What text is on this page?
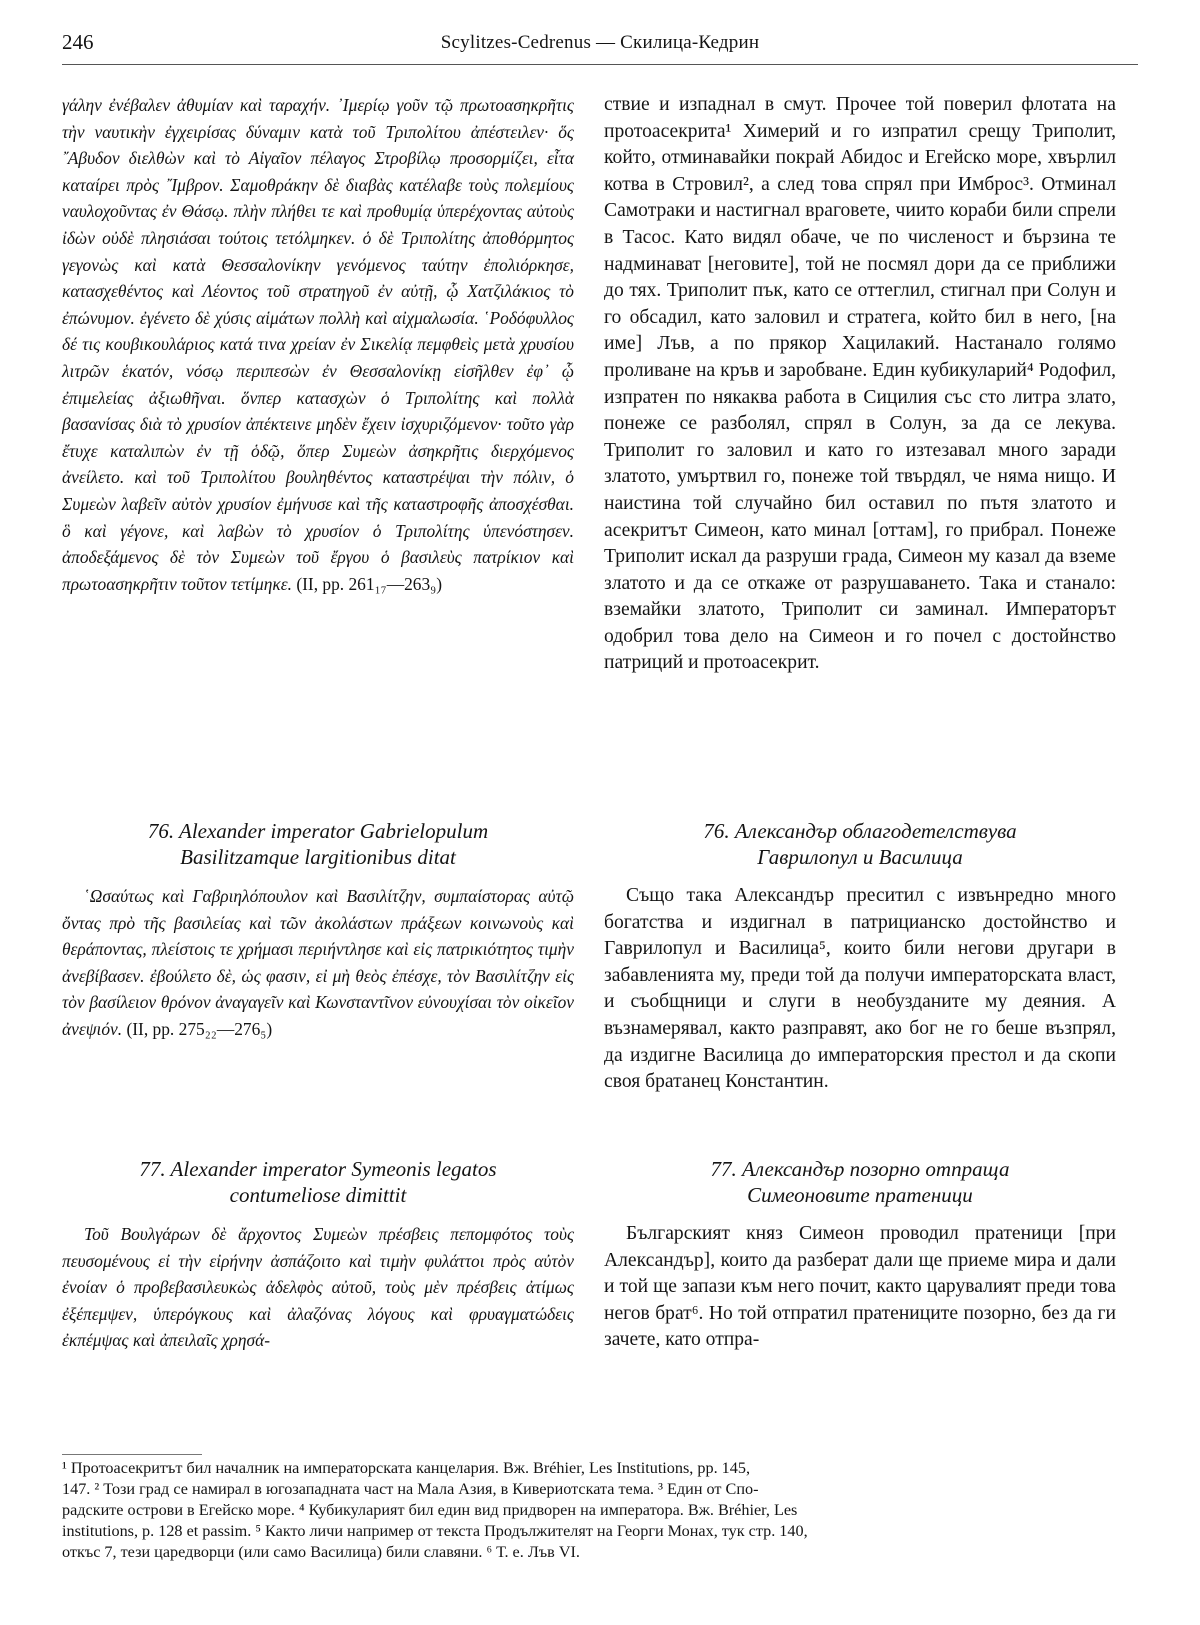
246	Scylitzes-Cedrenus — Скилица-Кедрин

γάλην ἐνέβαλεν ἀθυμίαν καὶ ταραχήν. ᾿Ιμερίῳ γοῦν τῷ πρωτοασηκρῆτις τὴν ναυτικὴν ἐγχειρίσας δύναμιν κατὰ τοῦ Τριπολίτου ἀπέστειλεν· ὅς ῎Αβυδον διελθὼν καὶ τὸ Αἰγαῖον πέλαγος Στροβίλῳ προσορμίζει, εἶτα καταίρει πρὸς ῎Ιμβρον. Σαμοθράκην δὲ διαβὰς κατέλαβε τοὺς πολεμίους ναυλοχοῦντας ἐν Θάσῳ. πλὴν πλήθει τε καὶ προθυμίᾳ ὑπερέχοντας αὐτοὺς ἰδὼν οὐδὲ πλησιάσαι τούτοις τετόλμηκεν. ὁ δὲ Τριπολίτης ἀποθόρμητος γεγονὼς καὶ κατὰ Θεσσαλονίκην γενόμενος ταύτην ἐπολιόρκησε, κατασχεθέντος καὶ Λέοντος τοῦ στρατηγοῦ ἐν αὐτῇ, ᾧ Χατζιλάκιος τὸ ἐπώνυμον. ἐγένετο δὲ χύσις αἱμάτων πολλὴ καὶ αἰχμαλωσία. ῾Ροδόφυλλος δέ τις κουβικουλάριος κατά τινα χρείαν ἐν Σικελίᾳ πεμφθεὶς μετὰ χρυσίου λιτρῶν ἑκατόν, νόσῳ περιπεσὼν ἐν Θεσσαλονίκῃ εἰσῆλθεν ἐφ᾽ ᾧ ἐπιμελείας ἀξιωθῆναι. ὅνπερ κατασχὼν ὁ Τριπολίτης καὶ πολλὰ βασανίσας διὰ τὸ χρυσίον ἀπέκτεινε μηδὲν ἔχειν ἰσχυριζόμενον· τοῦτο γὰρ ἔτυχε καταλιπὼν ἐν τῇ ὁδῷ, ὅπερ Συμεὼν ἀσηκρῆτις διερχόμενος ἀνείλετο. καὶ τοῦ Τριπολίτου βουληθέντος καταστρέψαι τὴν πόλιν, ὁ Συμεὼν λαβεῖν αὐτὸν χρυσίον ἐμήνυσε καὶ τῆς καταστροφῆς ἀποσχέσθαι. ὃ καὶ γέγονε, καὶ λαβὼν τὸ χρυσίον ὁ Τριπολίτης ὑπενόστησεν. ἀποδεξάμενος δὲ τὸν Συμεὼν τοῦ ἔργου ὁ βασιλεὺς πατρίκιον καὶ πρωτοασηκρῆτιν τοῦτον τετίμηκε. (II, pp. 261₁₇—263₉)

ствие и изпаднал в смут. Прочее той поверил флотата на протоасекрита¹ Химерий и го изпратил срещу Триполит, който, отминавайки покрай Абидос и Егейско море, хвърлил котва в Стровил², а след това спрял при Имброс³. Отминал Самотраки и настигнал враговете, чиито кораби били спрели в Тасос. Като видял обаче, че по численост и бързина те надминават [неговите], той не посмял дори да се приближи до тях. Триполит пък, като се оттеглил, стигнал при Солун и го обсадил, като заловил и стратега, който бил в него, [на име] Лъв, а по прякор Хацилакий. Настанало голямо проливане на кръв и заробване. Един кубикуларий⁴ Родофил, изпратен по някаква работа в Сицилия със сто литра злато, понеже се разболял, спрял в Солун, за да се лекува. Триполит го заловил и като го изтезавал много заради златото, умъртвил го, понеже той твърдял, че няма нищо. И наистина той случайно бил оставил по пътя златото и асекритът Симеон, като минал [оттам], го прибрал. Понеже Триполит искал да разруши града, Симеон му казал да вземе златото и да се откаже от разрушаването. Така и станало: вземайки златото, Триполит си заминал. Императорът одобрил това дело на Симеон и го почел с достойнство патриций и протоасекрит.

76. Alexander imperator Gabrielopulum
Basilitzamque largitionibus ditat

76. Александър облагодетелствува
Гаврилопул и Василица

῾Ωσαύτως καὶ Γαβριηλόπουλον καὶ Βασιλίτζην, συμπαίστορας αὐτῷ ὄντας πρὸ τῆς βασιλείας καὶ τῶν ἀκολάστων πράξεων κοινωνοὺς καὶ θεράποντας, πλείστοις τε χρήμασι περιήντλησε καὶ εἰς πατρικιότητος τιμὴν ἀνεβίβασεν. ἐβούλετο δὲ, ὡς φασιν, εἰ μὴ θεὸς ἐπέσχε, τὸν Βασιλίτζην εἰς τὸν βασίλειον θρόνον ἀναγαγεῖν καὶ Κωνσταντῖνον εὐνουχίσαι τὸν οἰκεῖον ἀνεψιόν. (II, pp. 275₂₂—276₅)

Също така Александър преситил с извънредно много богатства и издигнал в патрицианско достойнство и Гаврилопул и Василица⁵, които били негови другари в забавленията му, преди той да получи императорската власт, и съобщници и слуги в необузданите му деяния. А възнамерявал, както разправят, ако бог не го беше възпрял, да издигне Василица до императорския престол и да скопи своя братанец Константин.

77. Alexander imperator Symeonis legatos
contumeliose dimittit

77. Александър позорно отпраща
Симеоновите пратеници

Τοῦ Βουλγάρων δὲ ἄρχοντος Συμεὼν πρέσβεις πεπομφότος τοὺς πευσομένους εἰ τὴν εἰρήνην ἀσπάζοιτο καὶ τιμὴν φυλάττοι πρὸς αὐτὸν ἐνοίαν ὁ προβεβασιλευκὼς ἀδελφὸς αὐτοῦ, τοὺς μὲν πρέσβεις ἀτίμως ἐξέπεμψεν, ὑπερόγκους καὶ ἀλαζόνας λόγους καὶ φρυαγματώδεις ἐκπέμψας καὶ ἀπειλαῖς χρησά-

Българският княз Симеон проводил пратеници [при Александър], които да разберат дали ще приеме мира и дали и той ще запази към него почит, както царувалият преди това негов брат⁶. Но той отпратил пратениците позорно, без да ги зачете, като отпра-

¹ Протоасекритът бил началник на императорската канцелария. Вж. Bréhier, Les Institutions, pp. 145,
147. ² Този град се намирал в югозападната част на Мала Азия, в Кивериотската тема. ³ Един от Спо-
радските острови в Егейско море. ⁴ Кубикуларият бил един вид придворен на императора. Вж. Bréhier, Les
institutions, p. 128 et passim. ⁵ Както личи например от текста Продължителят на Георги Монах, тук стр. 140,
откъс 7, тези царедворци (или само Василица) били славяни. ⁶ Т. е. Лъв VI.
